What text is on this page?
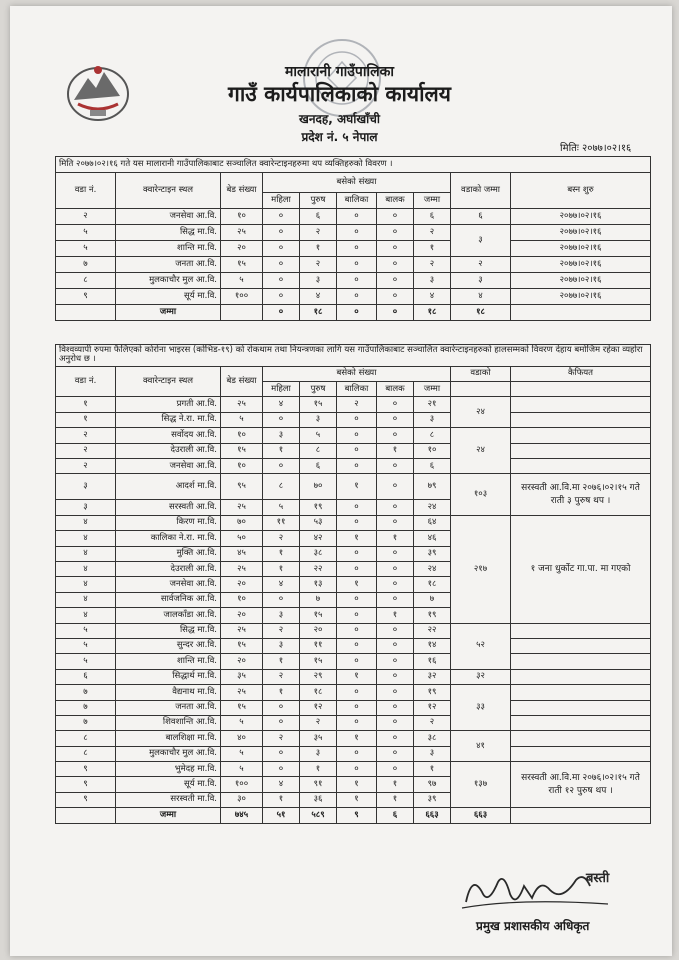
मालारानी गाउँपालिका
गाउँ कार्यपालिकाको कार्यालय
खनदह, अर्घाखाँची
प्रदेश नं. ५ नेपाल
मितिः २०७७।०२।१६
मिति २०७७।०२।१६ गते यस मालारानी गाउँपालिकाबाट सञ्चालित क्वारेन्टाइनहरुमा थप व्यक्तिहरुको विवरण ।									
वडा नं.	क्वारेन्टाइन स्थल	बेड संख्या	बसेको संख्या					वडाको जम्मा	बस्न शुरु
			महिला	पुरुष	बालिका	बालक	जम्मा		
२	जनसेवा आ.वि.	१०	०	६	०	०	६	६	२०७७।०२।१६
५	सिद्ध मा.वि.	२५	०	२	०	०	२	३	२०७७।०२।१६
५	शान्ति मा.वि.	२०	०	१	०	०	१		२०७७।०२।१६
७	जनता आ.वि.	१५	०	२	०	०	२	२	२०७७।०२।१६
८	मुलकाचौर मुल आ.वि.	५	०	३	०	०	३	३	२०७७।०२।१६
९	सूर्य मा.वि.	१००	०	४	०	०	४	४	२०७७।०२।१६
	जम्मा		०	१८	०	०	१८	१८	
विश्वव्यापी रुपमा फैलिएको कोरोना भाइरस (कोभिड-१९) को रोकथाम तथा नियन्त्रणका लागि यस गाउँपालिकाबाट सञ्चालित क्वारेन्टाइनहरुको हालसम्मको विवरण देहाय बमोजिम रहेका व्यहोरा अनुरोध छ ।									
वडा नं.	क्वारेन्टाइन स्थल	बेड संख्या	बसेको संख्या					वडाको	कैफियत
			महिला	पुरुष	बालिका	बालक	जम्मा		
१	प्रगती आ.वि.	२५	४	१५	२	०	२१	२४	
१	सिद्ध ने.रा. मा.वि.	५	०	३	०	०	३		
२	सर्वोदय आ.वि.	१०	३	५	०	०	८	२४	
२	देउराली आ.वि.	१५	१	८	०	१	१०		
२	जनसेवा आ.वि.	१०	०	६	०	०	६		
३	आदर्श मा.वि.	९५	८	७०	१	०	७९	१०३	सरस्वती आ.वि.मा २०७६।०२।१५ गते राती ३ पुरुष थप ।
३	सरस्वती आ.वि.	२५	५	१९	०	०	२४		
४	किरण मा.वि.	७०	११	५३	०	०	६४	२१७	१ जना धुर्कोट गा.पा. मा गएको
४	कालिका ने.रा. मा.वि.	५०	२	४२	१	१	४६		
४	मुक्ति आ.वि.	४५	१	३८	०	०	३९		
४	देउराली आ.वि.	२५	१	२२	०	०	२४		
४	जनसेवा आ.वि.	२०	४	१३	१	०	१८		
४	सार्वजनिक आ.वि.	१०	०	७	०	०	७		
४	जालकाँडा आ.वि.	२०	३	१५	०	१	१९		
५	सिद्ध मा.वि.	२५	२	२०	०	०	२२	५२	
५	सुन्दर आ.वि.	१५	३	११	०	०	१४		
५	शान्ति मा.वि.	२०	१	१५	०	०	१६		
६	सिद्धार्थ मा.वि.	३५	२	२९	१	०	३२	३२	
७	वैद्यनाथ मा.वि.	२५	१	१८	०	०	१९	३३	
७	जनता आ.वि.	१५	०	१२	०	०	१२		
७	शिवशान्ति आ.वि.	५	०	२	०	०	२		
८	बालशिक्षा मा.वि.	४०	२	३५	१	०	३८	४१	
८	मुलकाचौर मुल आ.वि.	५	०	३	०	०	३		
९	भुमेदह मा.वि.	५	०	१	०	०	१	१३७	सरस्वती आ.वि.मा २०७६।०२।१५ गते राती १२ पुरुष थप ।
९	सूर्य मा.वि.	१००	४	९१	१	१	९७		
९	सरस्वती मा.वि.	३०	१	३६	१	१	३९		
	जम्मा	७४५	५१	५८९	९	६	६६३	६६३	
बस्ती
प्रमुख प्रशासकीय अधिकृत
